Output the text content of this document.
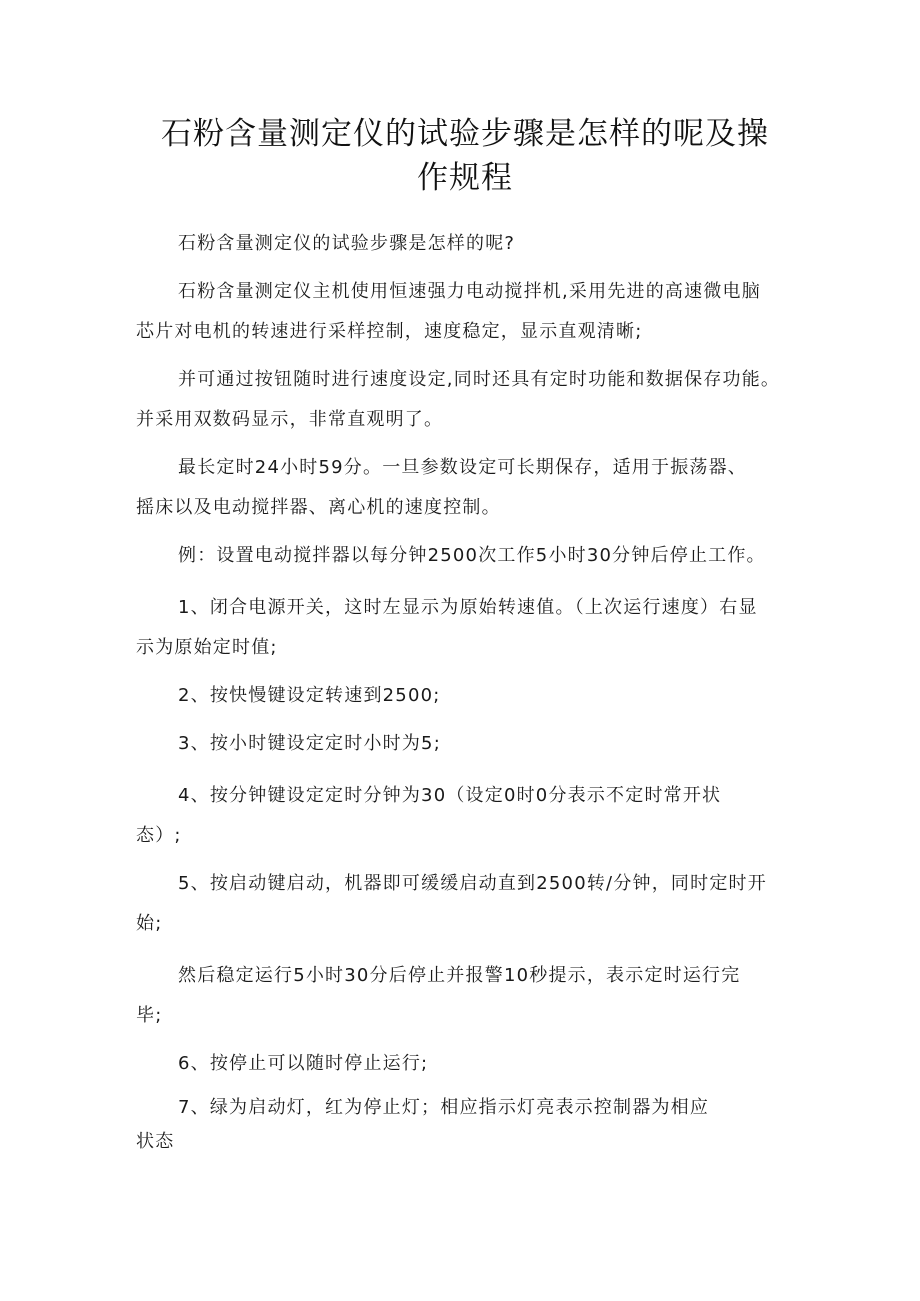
石粉含量测定仪的试验步骤是怎样的呢及操
作规程
石粉含量测定仪的试验步骤是怎样的呢?
石粉含量测定仪主机使用恒速强力电动搅拌机,采用先进的高速微电脑
芯片对电机的转速进行采样控制，速度稳定，显示直观清晰;
并可通过按钮随时进行速度设定,同时还具有定时功能和数据保存功能。
并采用双数码显示，非常直观明了。
最长定时24小时59分。一旦参数设定可长期保存，适用于振荡器、
摇床以及电动搅拌器、离心机的速度控制。
例：设置电动搅拌器以每分钟2500次工作5小时30分钟后停止工作。
1、闭合电源开关，这时左显示为原始转速值。（上次运行速度）右显
示为原始定时值;
2、按快慢键设定转速到2500;
3、按小时键设定定时小时为5;
4、按分钟键设定定时分钟为30（设定0时0分表示不定时常开状
态）;
5、按启动键启动，机器即可缓缓启动直到2500转/分钟，同时定时开
始;
然后稳定运行5小时30分后停止并报警10秒提示，表示定时运行完
毕;
6、按停止可以随时停止运行;
7、绿为启动灯，红为停止灯；相应指示灯亮表示控制器为相应
状态
